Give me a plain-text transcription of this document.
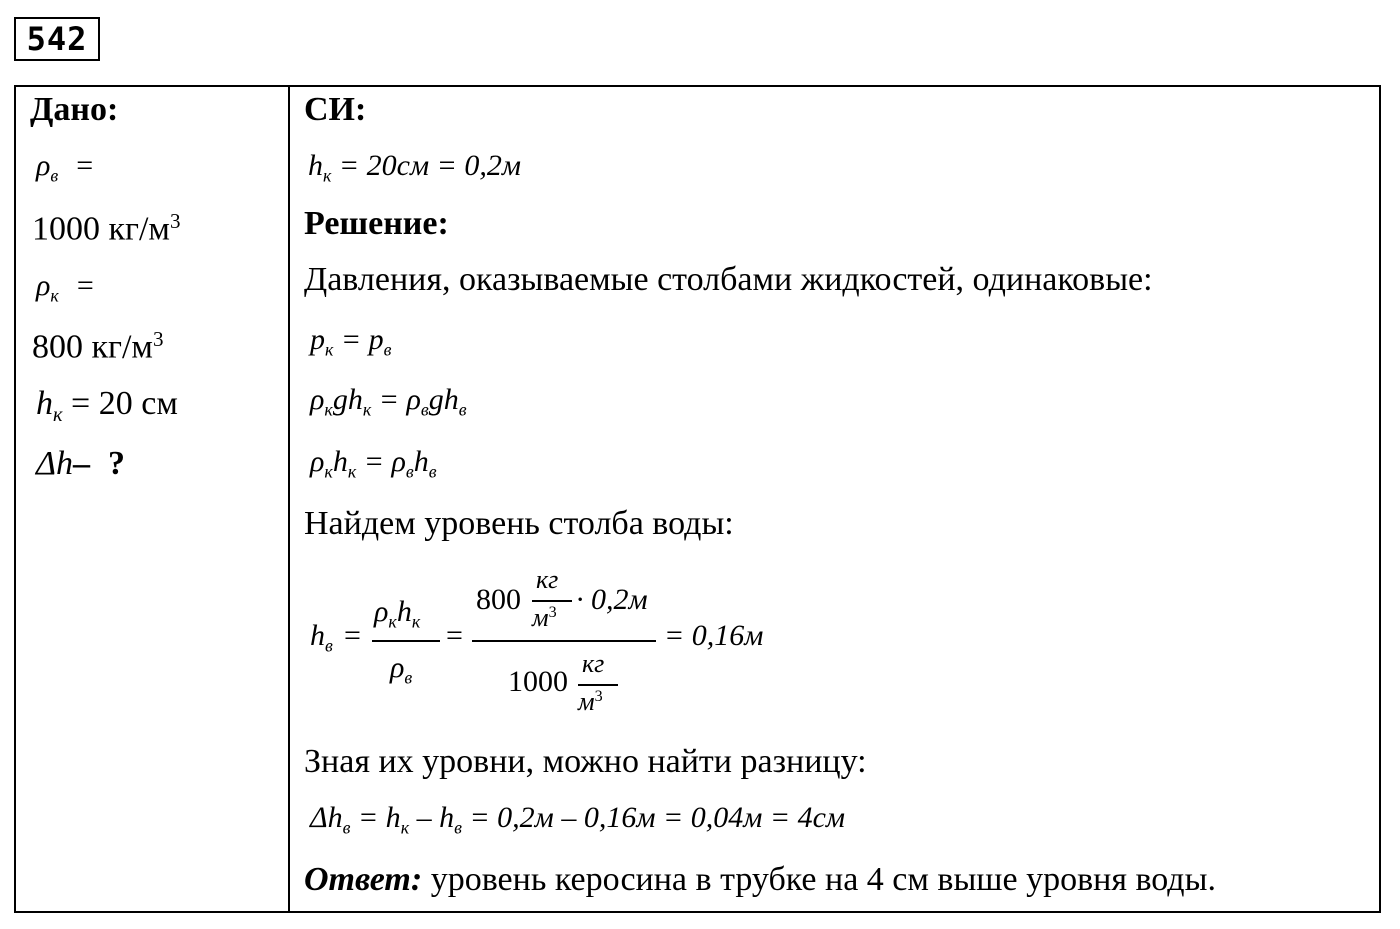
542
Дано:
$\rho_в$ =
1000 $кг/м^3$
$\rho_к$ =
800 $кг/м^3$
$h_к = 20$ см
Δh– ?
СИ:
$h_к = 20см = 0,2м$
Решение:
Давления, оказываемые столбами жидкостей, одинаковые:
$p_к = p_в$
$\rho_кgh_к = \rho_вgh_в$
$\rho_кh_к = \rho_вh_в$
Найдем уровень столба воды:
$h_в$ =
$\rho_кh_к$
$\rho_в$
=
800
кг
$м^3 \cdot 0,2м$
1000
кг
$м^3$
= 0,16м
Зная их уровни, можно найти разницу:
$\Delta h_в = h_к - h_в = 0,2м - 0,16м = 0,04м = 4см$
Ответ: уровень керосина в трубке на 4 см выше уровня воды.
